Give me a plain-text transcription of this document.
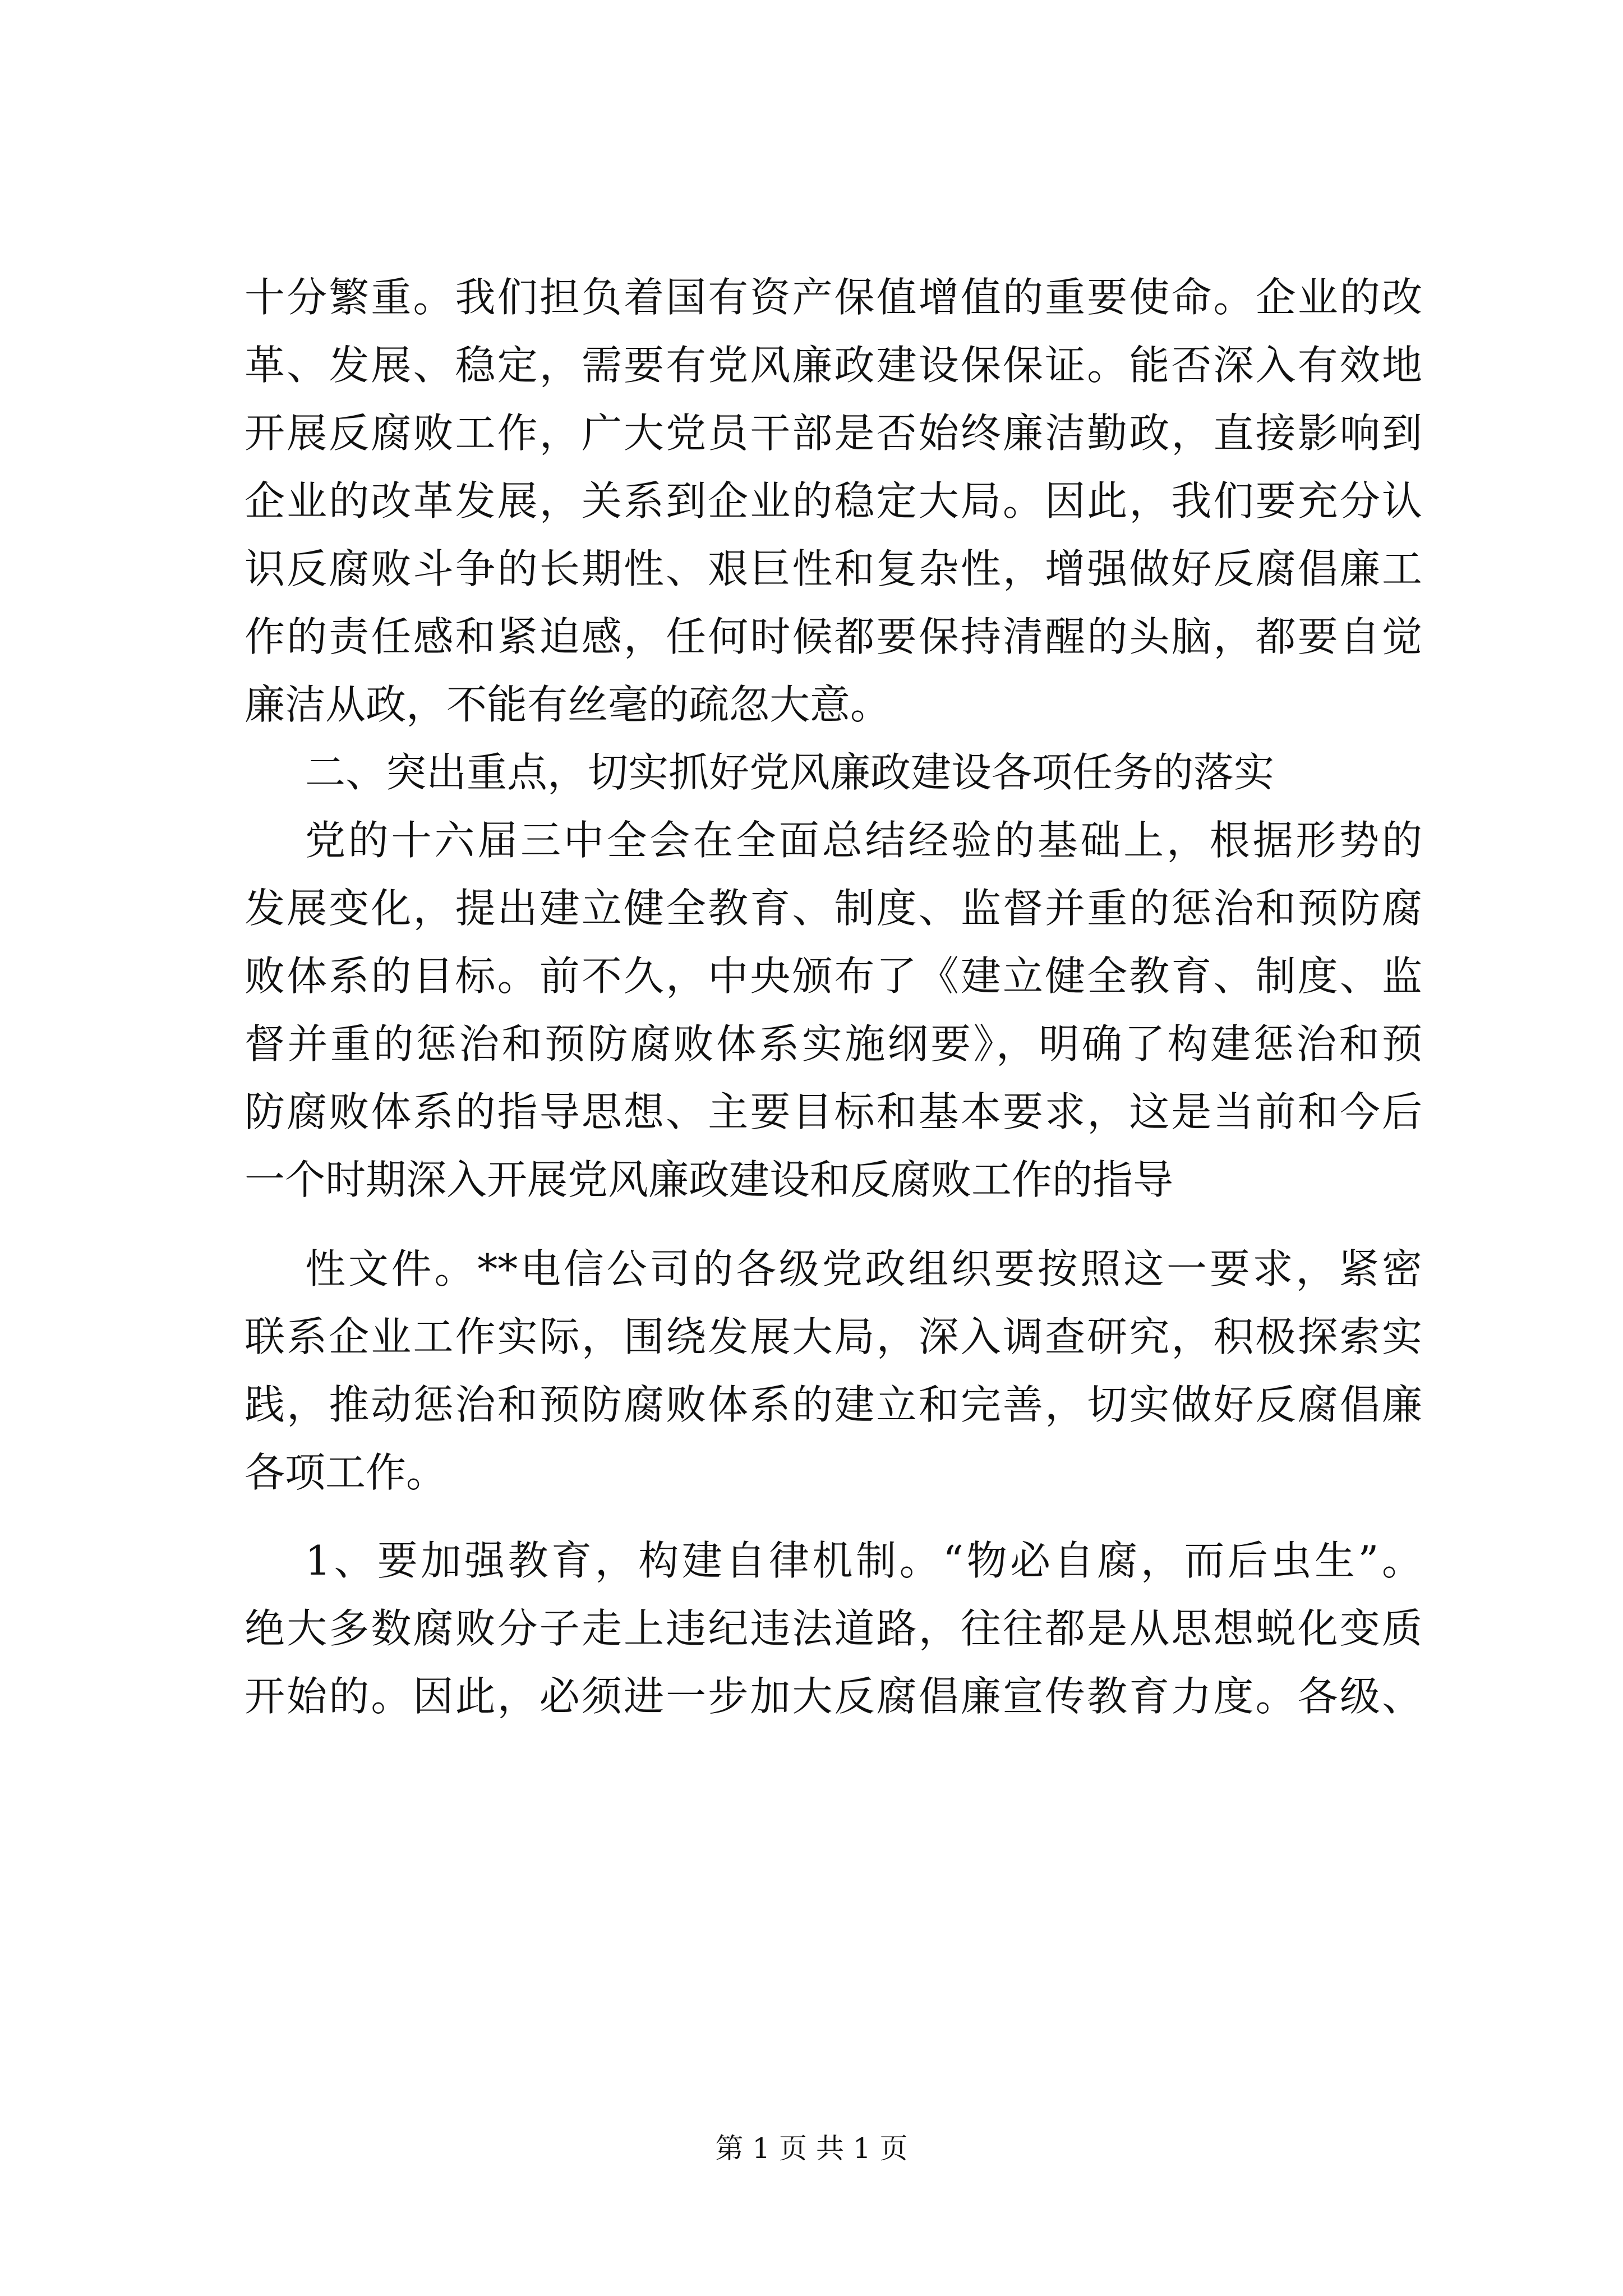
十分繁重。我们担负着国有资产保值增值的重要使命。企业的改
革、发展、稳定，需要有党风廉政建设保保证。能否深入有效地
开展反腐败工作，广大党员干部是否始终廉洁勤政，直接影响到
企业的改革发展，关系到企业的稳定大局。因此，我们要充分认
识反腐败斗争的长期性、艰巨性和复杂性，增强做好反腐倡廉工
作的责任感和紧迫感，任何时候都要保持清醒的头脑，都要自觉
廉洁从政，不能有丝毫的疏忽大意。
二、突出重点，切实抓好党风廉政建设各项任务的落实
党的十六届三中全会在全面总结经验的基础上，根据形势的
发展变化，提出建立健全教育、制度、监督并重的惩治和预防腐
败体系的目标。前不久，中央颁布了《建立健全教育、制度、监
督并重的惩治和预防腐败体系实施纲要》，明确了构建惩治和预
防腐败体系的指导思想、主要目标和基本要求，这是当前和今后
一个时期深入开展党风廉政建设和反腐败工作的指导
性文件。**电信公司的各级党政组织要按照这一要求，紧密
联系企业工作实际，围绕发展大局，深入调查研究，积极探索实
践，推动惩治和预防腐败体系的建立和完善，切实做好反腐倡廉
各项工作。
1、要加强教育，构建自律机制。“物必自腐，而后虫生”。
绝大多数腐败分子走上违纪违法道路，往往都是从思想蜕化变质
开始的。因此，必须进一步加大反腐倡廉宣传教育力度。各级、
第 1 页 共 1 页
